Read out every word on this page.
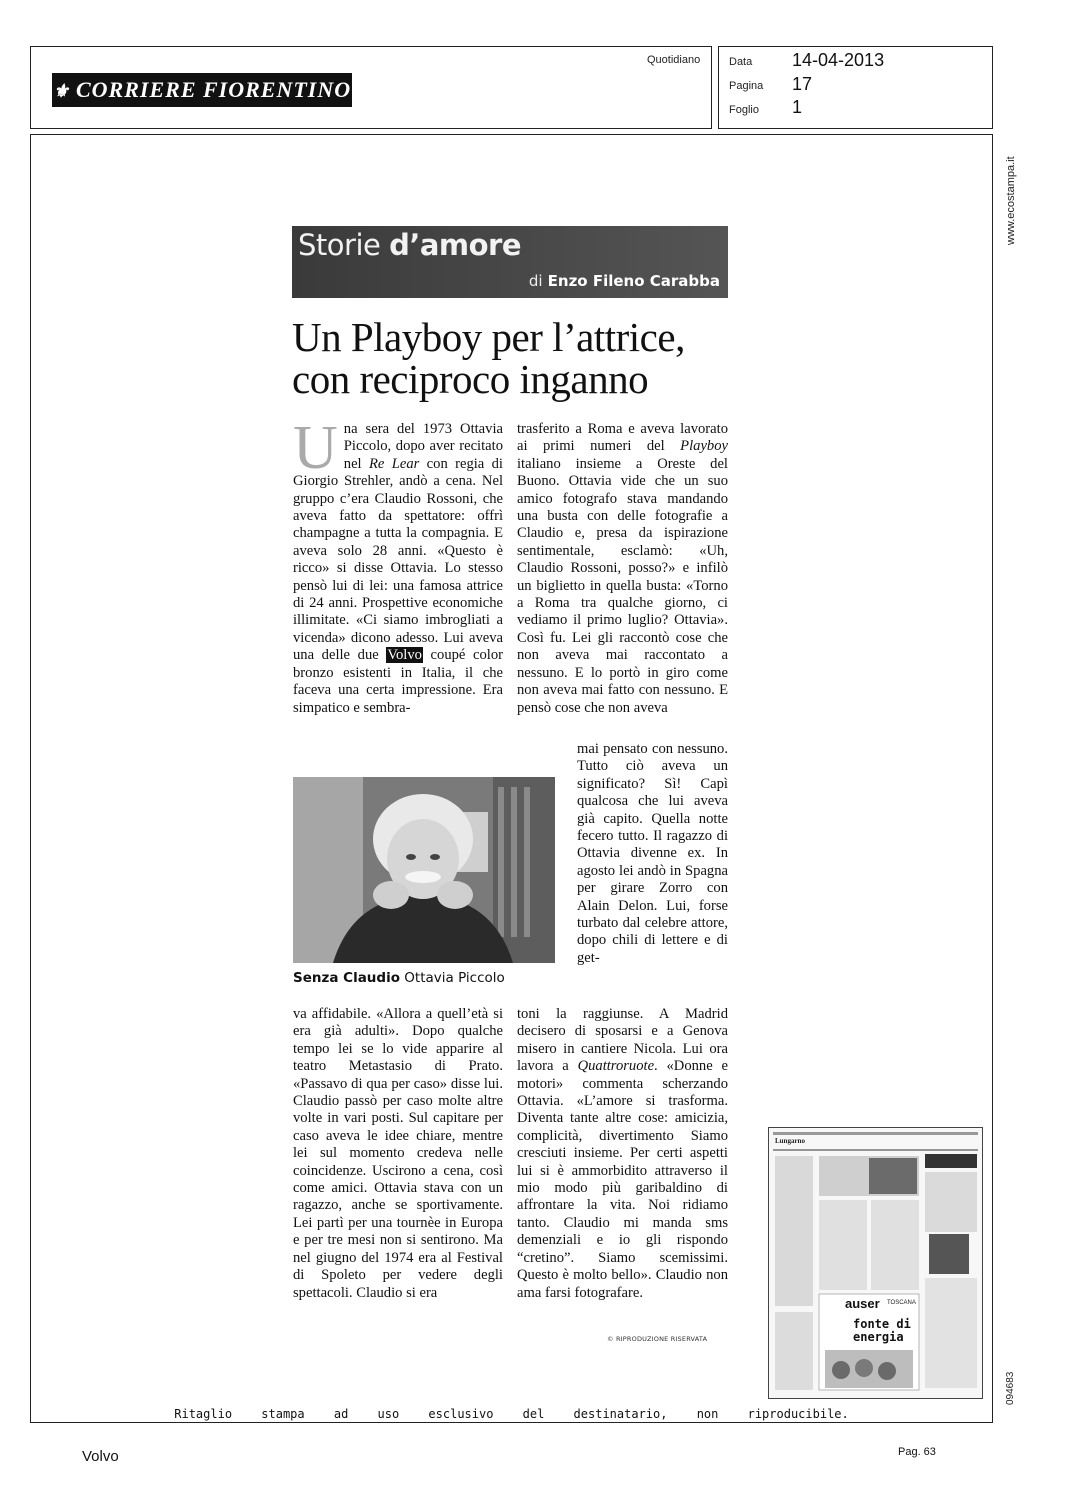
⚜ CORRIERE FIORENTINO
Quotidiano	Data 14-04-2013
Pagina 17
Foglio 1
www.ecostampa.it
094683
Storie d’amore
di Enzo Fileno Carabba
Un Playboy per l’attrice,
con reciproco inganno

Una sera del 1973 Ottavia Piccolo, dopo aver recitato nel Re Lear con regia di Giorgio Strehler, andò a cena. Nel gruppo c’era Claudio Rossoni, che aveva fatto da spettatore: offrì champagne a tutta la compagnia. E aveva solo 28 anni. «Questo è ricco» si disse Ottavia. Lo stesso pensò lui di lei: una famosa attrice di 24 anni. Prospettive economiche illimitate. «Ci siamo imbrogliati a vicenda» dicono adesso. Lui aveva una delle due Volvo coupé color bronzo esistenti in Italia, il che faceva una certa impressione. Era simpatico e sembra-

trasferito a Roma e aveva lavorato ai primi numeri del Playboy italiano insieme a Oreste del Buono. Ottavia vide che un suo amico fotografo stava mandando una busta con delle fotografie a Claudio e, presa da ispirazione sentimentale, esclamò: «Uh, Claudio Rossoni, posso?» e infilò un biglietto in quella busta: «Torno a Roma tra qualche giorno, ci vediamo il primo luglio? Ottavia». Così fu. Lei gli raccontò cose che non aveva mai raccontato a nessuno. E lo portò in giro come non aveva mai fatto con nessuno. E pensò cose che non aveva

mai pensato con nessuno. Tutto ciò aveva un significato? Sì! Capì qualcosa che lui aveva già capito. Quella notte fecero tutto. Il ragazzo di Ottavia divenne ex. In agosto lei andò in Spagna per girare Zorro con Alain Delon. Lui, forse turbato dal celebre attore, dopo chili di lettere e di get-

Senza Claudio Ottavia Piccolo

va affidabile. «Allora a quell’età si era già adulti». Dopo qualche tempo lei se lo vide apparire al teatro Metastasio di Prato. «Passavo di qua per caso» disse lui. Claudio passò per caso molte altre volte in vari posti. Sul capitare per caso aveva le idee chiare, mentre lei sul momento credeva nelle coincidenze. Uscirono a cena, così come amici. Ottavia stava con un ragazzo, anche se sportivamente. Lei partì per una tournèe in Europa e per tre mesi non si sentirono. Ma nel giugno del 1974 era al Festival di Spoleto per vedere degli spettacoli. Claudio si era

toni la raggiunse. A Madrid decisero di sposarsi e a Genova misero in cantiere Nicola. Lui ora lavora a Quattroruote. «Donne e motori» commenta scherzando Ottavia. «L’amore si trasforma. Diventa tante altre cose: amicizia, complicità, divertimento Siamo cresciuti insieme. Per certi aspetti lui si è ammorbidito attraverso il mio modo più garibaldino di affrontare la vita. Noi ridiamo tanto. Claudio mi manda sms demenziali e io gli rispondo “cretino”. Siamo scemissimi. Questo è molto bello». Claudio non ama farsi fotografare.

© RIPRODUZIONE RISERVATA
Lungarno
auser TOSCANA
fonte di
energia
Ritaglio stampa ad uso esclusivo del destinatario, non riproducibile.
Volvo	Pag. 63
